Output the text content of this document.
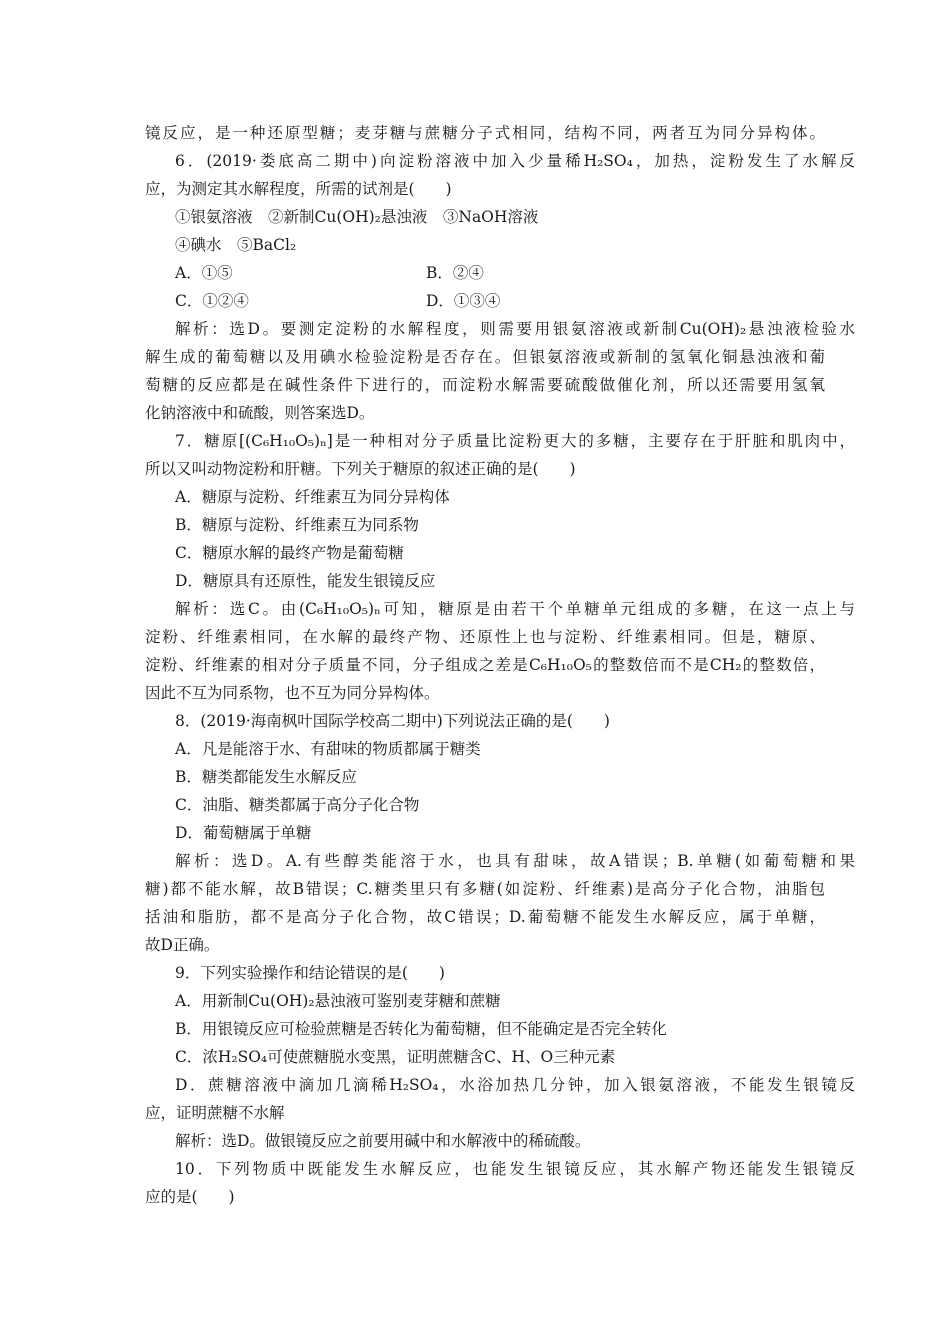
镜反应，是一种还原型糖；麦芽糖与蔗糖分子式相同，结构不同，两者互为同分异构体。

6．(2019·娄底高二期中)向淀粉溶液中加入少量稀H₂SO₄，加热，淀粉发生了水解反

应，为测定其水解程度，所需的试剂是(　　)

①银氨溶液　②新制Cu(OH)₂悬浊液　③NaOH溶液

④碘水　⑤BaCl₂

A．①⑤	B．②④
C．①②④	D．①③④

解析：选D。要测定淀粉的水解程度，则需要用银氨溶液或新制Cu(OH)₂悬浊液检验水

解生成的葡萄糖以及用碘水检验淀粉是否存在。但银氨溶液或新制的氢氧化铜悬浊液和葡

萄糖的反应都是在碱性条件下进行的，而淀粉水解需要硫酸做催化剂，所以还需要用氢氧

化钠溶液中和硫酸，则答案选D。

7．糖原[(C₆H₁₀O₅)ₙ]是一种相对分子质量比淀粉更大的多糖，主要存在于肝脏和肌肉中，

所以又叫动物淀粉和肝糖。下列关于糖原的叙述正确的是(　　)

A．糖原与淀粉、纤维素互为同分异构体

B．糖原与淀粉、纤维素互为同系物

C．糖原水解的最终产物是葡萄糖

D．糖原具有还原性，能发生银镜反应

解析：选C。由(C₆H₁₀O₅)ₙ可知，糖原是由若干个单糖单元组成的多糖，在这一点上与

淀粉、纤维素相同，在水解的最终产物、还原性上也与淀粉、纤维素相同。但是，糖原、

淀粉、纤维素的相对分子质量不同，分子组成之差是C₆H₁₀O₅的整数倍而不是CH₂的整数倍，

因此不互为同系物，也不互为同分异构体。

8．(2019·海南枫叶国际学校高二期中)下列说法正确的是(　　)

A．凡是能溶于水、有甜味的物质都属于糖类

B．糖类都能发生水解反应

C．油脂、糖类都属于高分子化合物

D．葡萄糖属于单糖

解析：选D。A.有些醇类能溶于水，也具有甜味，故A错误；B.单糖(如葡萄糖和果

糖)都不能水解，故B错误；C.糖类里只有多糖(如淀粉、纤维素)是高分子化合物，油脂包

括油和脂肪，都不是高分子化合物，故C错误；D.葡萄糖不能发生水解反应，属于单糖，

故D正确。

9．下列实验操作和结论错误的是(　　)

A．用新制Cu(OH)₂悬浊液可鉴别麦芽糖和蔗糖

B．用银镜反应可检验蔗糖是否转化为葡萄糖，但不能确定是否完全转化

C．浓H₂SO₄可使蔗糖脱水变黑，证明蔗糖含C、H、O三种元素

D．蔗糖溶液中滴加几滴稀H₂SO₄，水浴加热几分钟，加入银氨溶液，不能发生银镜反

应，证明蔗糖不水解

解析：选D。做银镜反应之前要用碱中和水解液中的稀硫酸。

10．下列物质中既能发生水解反应，也能发生银镜反应，其水解产物还能发生银镜反

应的是(　　)
